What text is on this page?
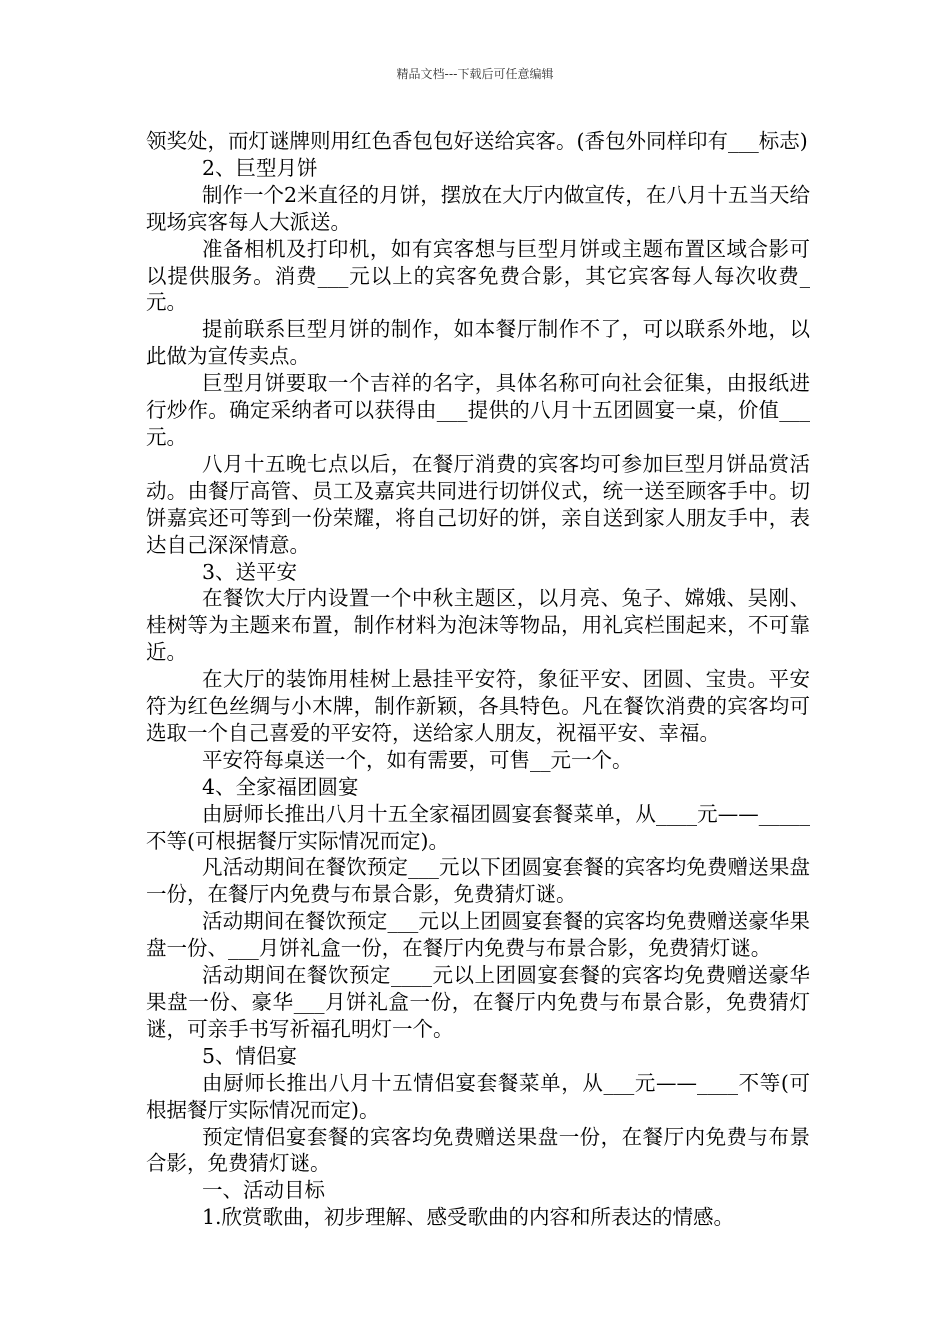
精品文档---下载后可任意编辑

领奖处，而灯谜牌则用红色香包包好送给宾客。(香包外同样印有___标志)

2、巨型月饼

制作一个2米直径的月饼，摆放在大厅内做宣传，在八月十五当天给现场宾客每人大派送。

准备相机及打印机，如有宾客想与巨型月饼或主题布置区域合影可以提供服务。消费___元以上的宾客免费合影，其它宾客每人每次收费_元。

提前联系巨型月饼的制作，如本餐厅制作不了，可以联系外地，以此做为宣传卖点。

巨型月饼要取一个吉祥的名字，具体名称可向社会征集，由报纸进行炒作。确定采纳者可以获得由___提供的八月十五团圆宴一桌，价值___元。

八月十五晚七点以后，在餐厅消费的宾客均可参加巨型月饼品赏活动。由餐厅高管、员工及嘉宾共同进行切饼仪式，统一送至顾客手中。切饼嘉宾还可等到一份荣耀，将自己切好的饼，亲自送到家人朋友手中，表达自己深深情意。

3、送平安

在餐饮大厅内设置一个中秋主题区，以月亮、兔子、嫦娥、吴刚、桂树等为主题来布置，制作材料为泡沫等物品，用礼宾栏围起来，不可靠近。

在大厅的装饰用桂树上悬挂平安符，象征平安、团圆、宝贵。平安符为红色丝绸与小木牌，制作新颖，各具特色。凡在餐饮消费的宾客均可选取一个自己喜爱的平安符，送给家人朋友，祝福平安、幸福。

平安符每桌送一个，如有需要，可售__元一个。

4、全家福团圆宴

由厨师长推出八月十五全家福团圆宴套餐菜单，从____元——_____不等(可根据餐厅实际情况而定)。

凡活动期间在餐饮预定___元以下团圆宴套餐的宾客均免费赠送果盘一份，在餐厅内免费与布景合影，免费猜灯谜。

活动期间在餐饮预定___元以上团圆宴套餐的宾客均免费赠送豪华果盘一份、___月饼礼盒一份，在餐厅内免费与布景合影，免费猜灯谜。

活动期间在餐饮预定____元以上团圆宴套餐的宾客均免费赠送豪华果盘一份、豪华___月饼礼盒一份，在餐厅内免费与布景合影，免费猜灯谜，可亲手书写祈福孔明灯一个。

5、情侣宴

由厨师长推出八月十五情侣宴套餐菜单，从___元——____不等(可根据餐厅实际情况而定)。

预定情侣宴套餐的宾客均免费赠送果盘一份，在餐厅内免费与布景合影，免费猜灯谜。

一、活动目标

1.欣赏歌曲，初步理解、感受歌曲的内容和所表达的情感。
